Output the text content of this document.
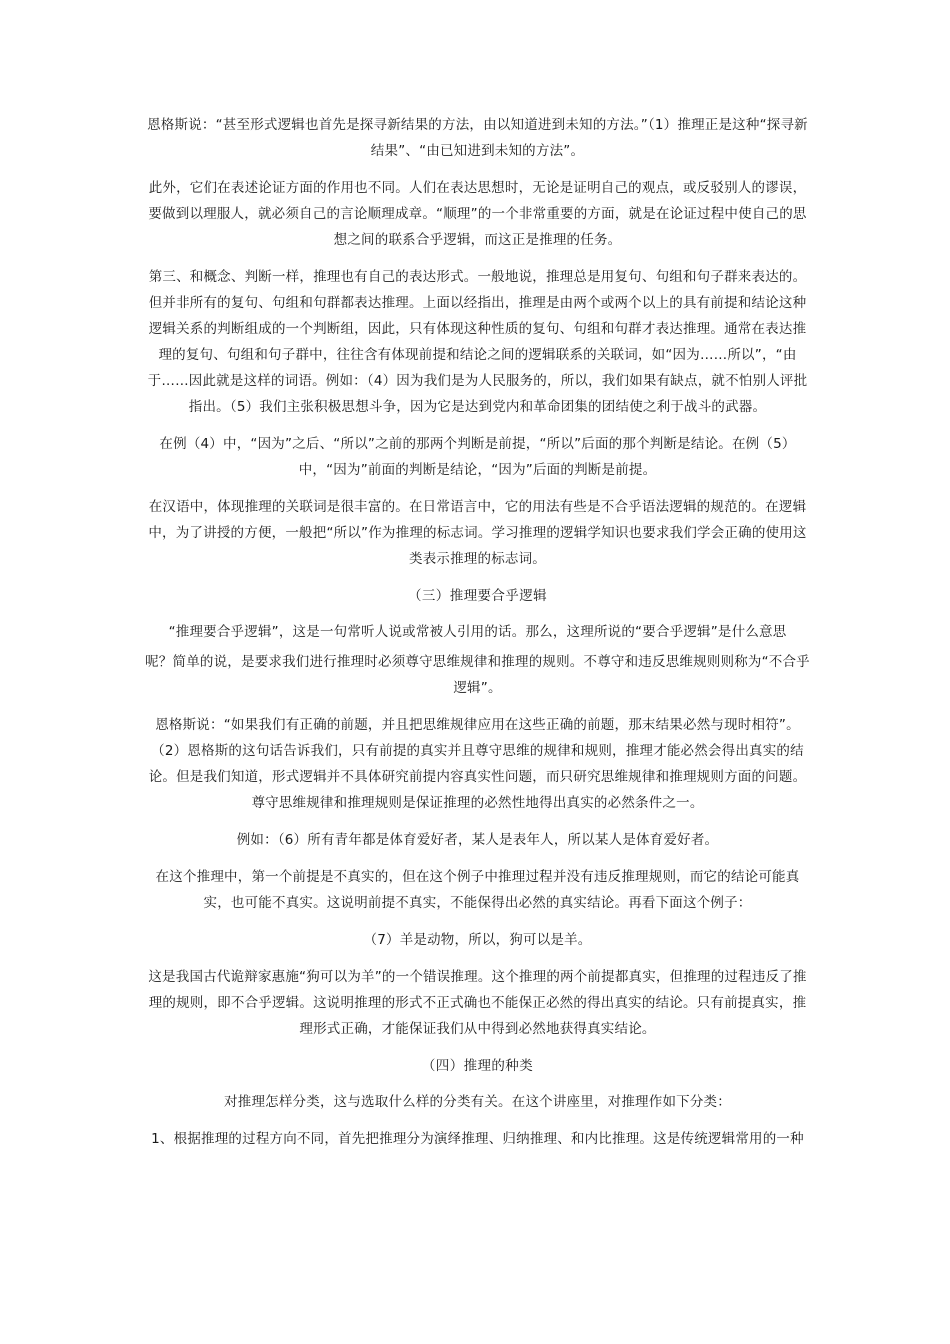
恩格斯说：“甚至形式逻辑也首先是探寻新结果的方法，由以知道进到未知的方法。”（1）推理正是这种“探寻新结果”、“由已知进到未知的方法”。

此外，它们在表述论证方面的作用也不同。人们在表达思想时，无论是证明自己的观点，或反驳别人的谬误，要做到以理服人，就必须自己的言论顺理成章。“顺理”的一个非常重要的方面，就是在论证过程中使自己的思想之间的联系合乎逻辑，而这正是推理的任务。

第三、和概念、判断一样，推理也有自己的表达形式。一般地说，推理总是用复句、句组和句子群来表达的。但并非所有的复句、句组和句群都表达推理。上面以经指出，推理是由两个或两个以上的具有前提和结论这种逻辑关系的判断组成的一个判断组，因此，只有体现这种性质的复句、句组和句群才表达推理。通常在表达推理的复句、句组和句子群中，往往含有体现前提和结论之间的逻辑联系的关联词，如“因为……所以”，“由于……因此就是这样的词语。例如：（4）因为我们是为人民服务的，所以，我们如果有缺点，就不怕别人评批指出。（5）我们主张积极思想斗争，因为它是达到党内和革命团集的团结使之利于战斗的武器。

在例（4）中，“因为”之后、“所以”之前的那两个判断是前提，“所以”后面的那个判断是结论。在例（5）中，“因为”前面的判断是结论，“因为”后面的判断是前提。

在汉语中，体现推理的关联词是很丰富的。在日常语言中，它的用法有些是不合乎语法逻辑的规范的。在逻辑中，为了讲授的方便，一般把“所以”作为推理的标志词。学习推理的逻辑学知识也要求我们学会正确的使用这类表示推理的标志词。

（三）推理要合乎逻辑

“推理要合乎逻辑”，这是一句常听人说或常被人引用的话。那么，这理所说的“要合乎逻辑”是什么意思

呢？简单的说，是要求我们进行推理时必须尊守思维规律和推理的规则。不尊守和违反思维规则则称为“不合乎逻辑”。

恩格斯说：“如果我们有正确的前题，并且把思维规律应用在这些正确的前题，那末结果必然与现时相符”。（2）恩格斯的这句话告诉我们，只有前提的真实并且尊守思维的规律和规则，推理才能必然会得出真实的结论。但是我们知道，形式逻辑并不具体研究前提内容真实性问题，而只研究思维规律和推理规则方面的问题。尊守思维规律和推理规则是保证推理的必然性地得出真实的必然条件之一。

例如：（6）所有青年都是体育爱好者，某人是表年人，所以某人是体育爱好者。

在这个推理中，第一个前提是不真实的，但在这个例子中推理过程并没有违反推理规则，而它的结论可能真实，也可能不真实。这说明前提不真实，不能保得出必然的真实结论。再看下面这个例子：

（7）羊是动物，所以，狗可以是羊。

这是我国古代诡辩家惠施“狗可以为羊”的一个错误推理。这个推理的两个前提都真实，但推理的过程违反了推理的规则，即不合乎逻辑。这说明推理的形式不正式确也不能保正必然的得出真实的结论。只有前提真实，推理形式正确，才能保证我们从中得到必然地获得真实结论。

（四）推理的种类

对推理怎样分类，这与选取什么样的分类有关。在这个讲座里，对推理作如下分类：

1、根据推理的过程方向不同，首先把推理分为演绎推理、归纳推理、和内比推理。这是传统逻辑常用的一种
